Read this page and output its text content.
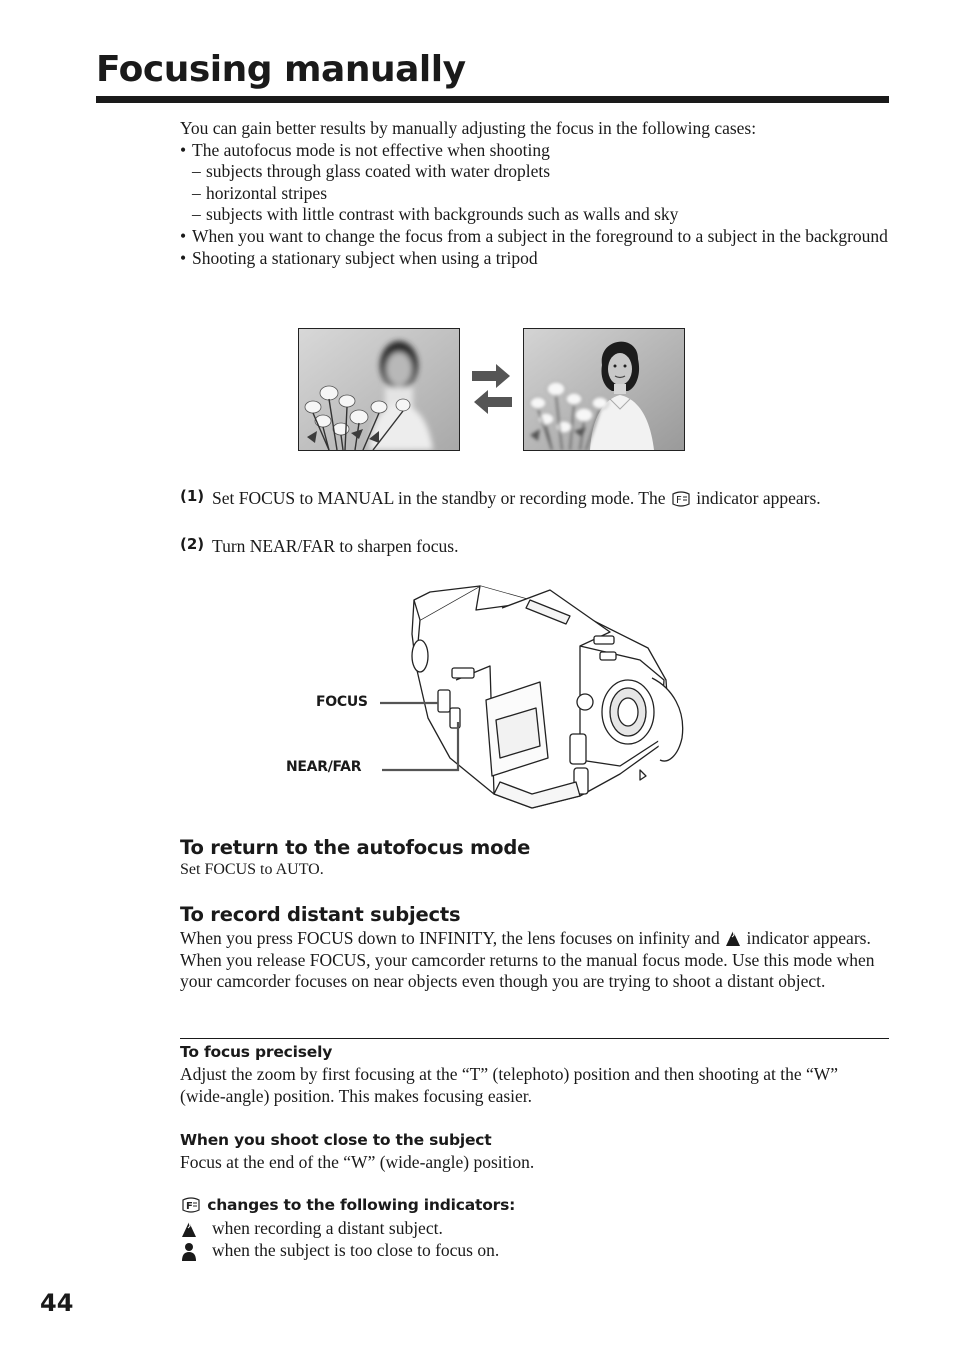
Focusing manually

You can gain better results by manually adjusting the focus in the following cases:

• The autofocus mode is not effective when shooting

– subjects through glass coated with water droplets

– horizontal stripes

– subjects with little contrast with backgrounds such as walls and sky

• When you want to change the focus from a subject in the foreground to a subject in the background

• Shooting a stationary subject when using a tripod

(1) Set FOCUS to MANUAL in the standby or recording mode. The F indicator appears.
(2) Turn NEAR/FAR to sharpen focus.
FOCUS
NEAR/FAR
To return to the autofocus mode
Set FOCUS to AUTO.
To record distant subjects
When you press FOCUS down to INFINITY, the lens focuses on infinity and indicator appears. When you release FOCUS, your camcorder returns to the manual focus mode. Use this mode when your camcorder focuses on near objects even though you are trying to shoot a distant object.
To focus precisely
Adjust the zoom by first focusing at the “T” (telephoto) position and then shooting at the “W” (wide-angle) position. This makes focusing easier.
When you shoot close to the subject
Focus at the end of the “W” (wide-angle) position.
F changes to the following indicators:
when recording a distant subject.
when the subject is too close to focus on.
44
